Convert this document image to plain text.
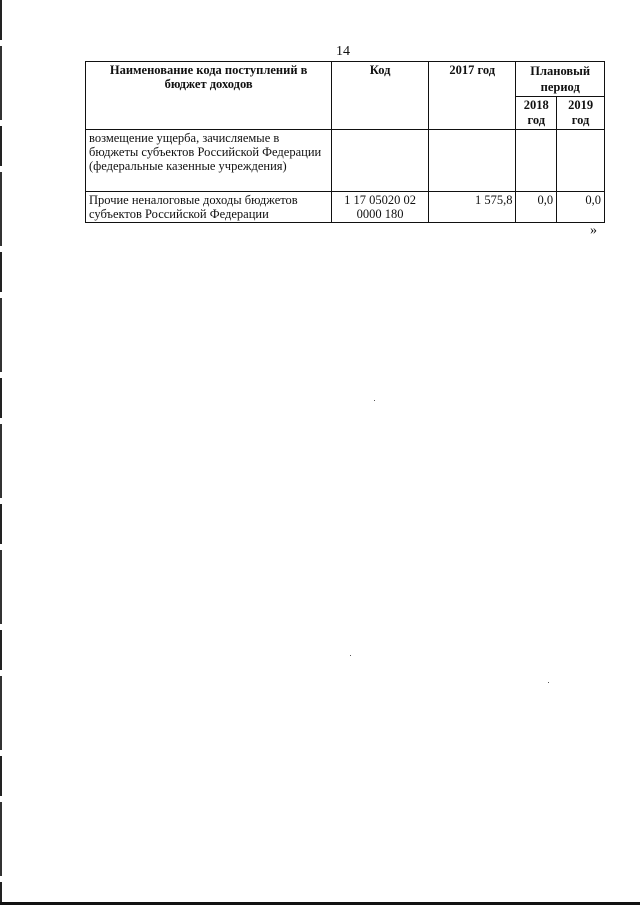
14
Наименование кода поступлений в бюджет доходов	Код	2017 год	Плановый период	
			2018 год	2019 год
возмещение ущерба, зачисляемые в бюджеты субъектов Российской Федерации (федеральные казенные учреждения)				
Прочие неналоговые доходы бюджетов субъектов Российской Федерации	1 17 05020 02 0000 180	1 575,8	0,0	0,0
»
